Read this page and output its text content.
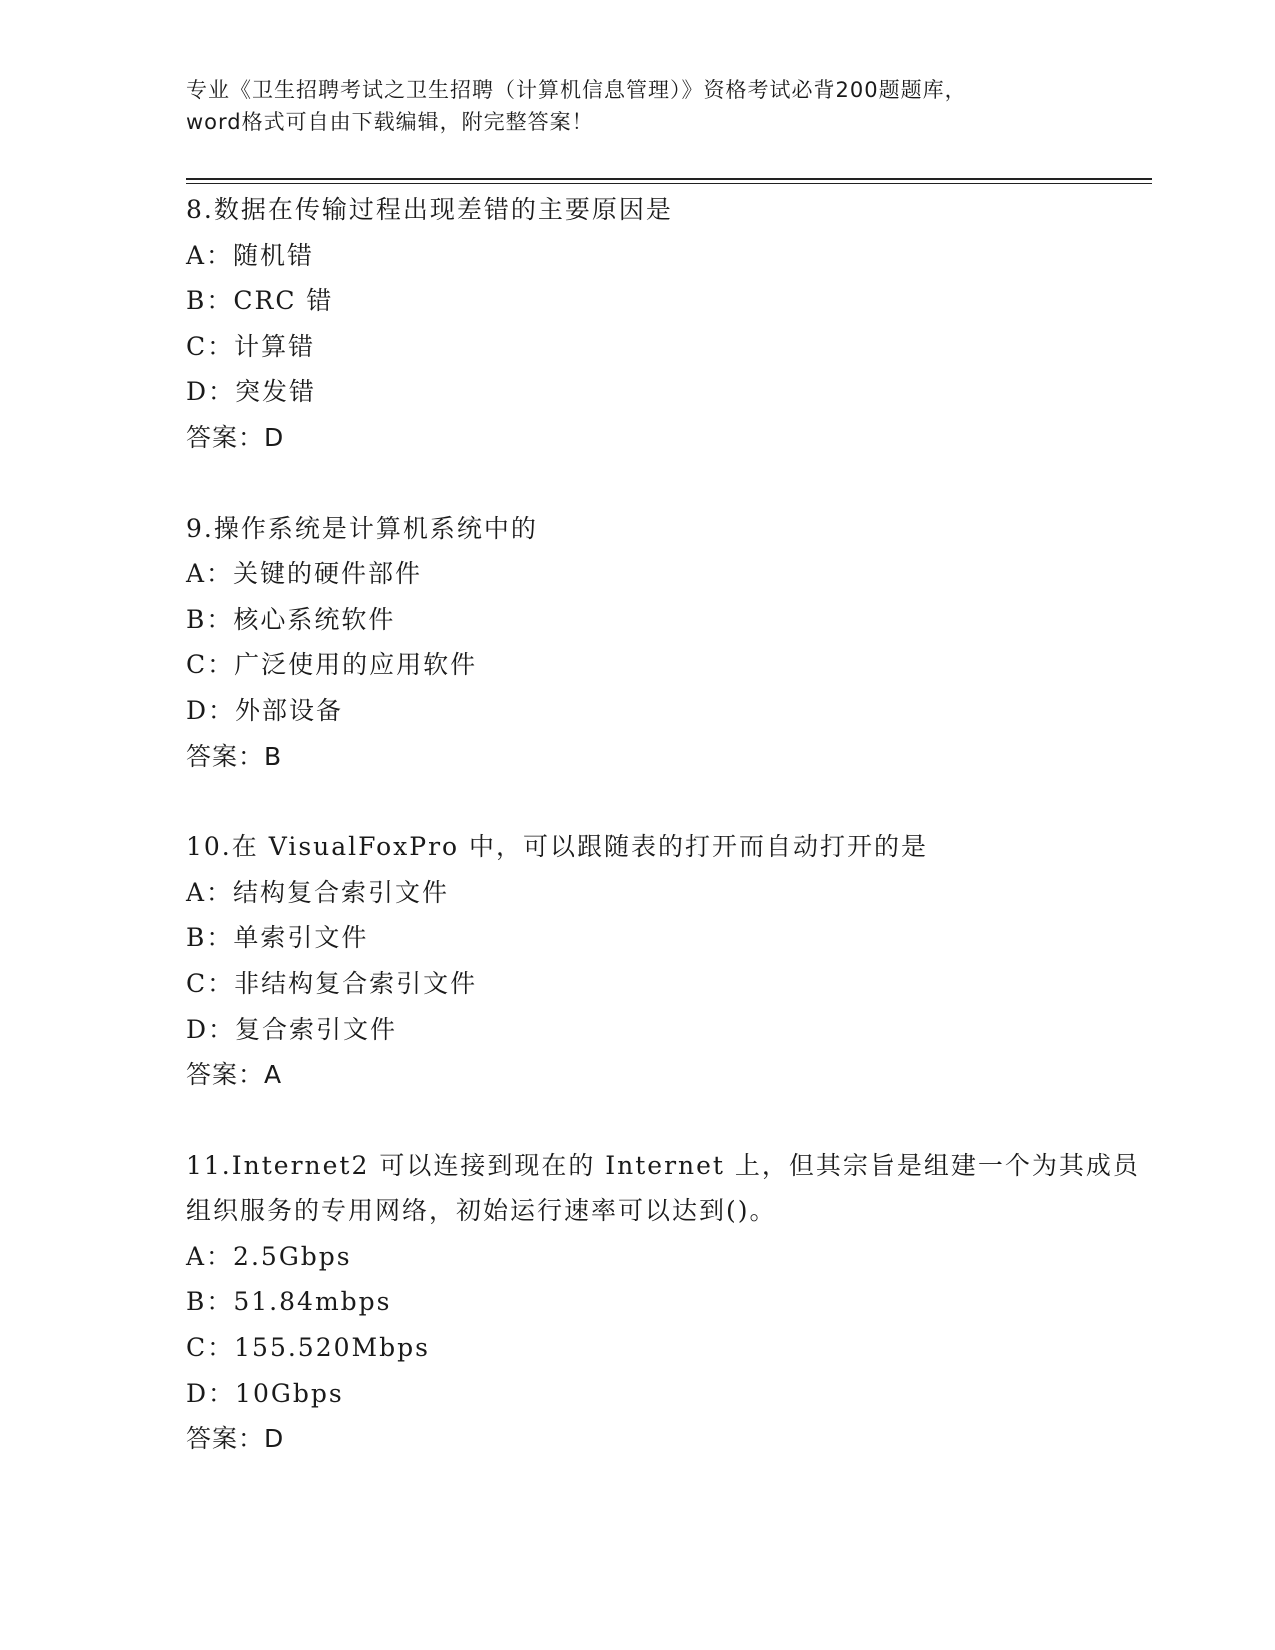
专业《卫生招聘考试之卫生招聘（计算机信息管理）》资格考试必背200题题库，
word格式可自由下载编辑，附完整答案！
8.数据在传输过程出现差错的主要原因是
A：随机错
B：CRC 错
C：计算错
D：突发错
答案：D
9.操作系统是计算机系统中的
A：关键的硬件部件
B：核心系统软件
C：广泛使用的应用软件
D：外部设备
答案：B
10.在 VisualFoxPro 中，可以跟随表的打开而自动打开的是
A：结构复合索引文件
B：单索引文件
C：非结构复合索引文件
D：复合索引文件
答案：A
11.Internet2 可以连接到现在的 Internet 上，但其宗旨是组建一个为其成员组织服务的专用网络，初始运行速率可以达到()。
A：2.5Gbps
B：51.84mbps
C：155.520Mbps
D：10Gbps
答案：D
